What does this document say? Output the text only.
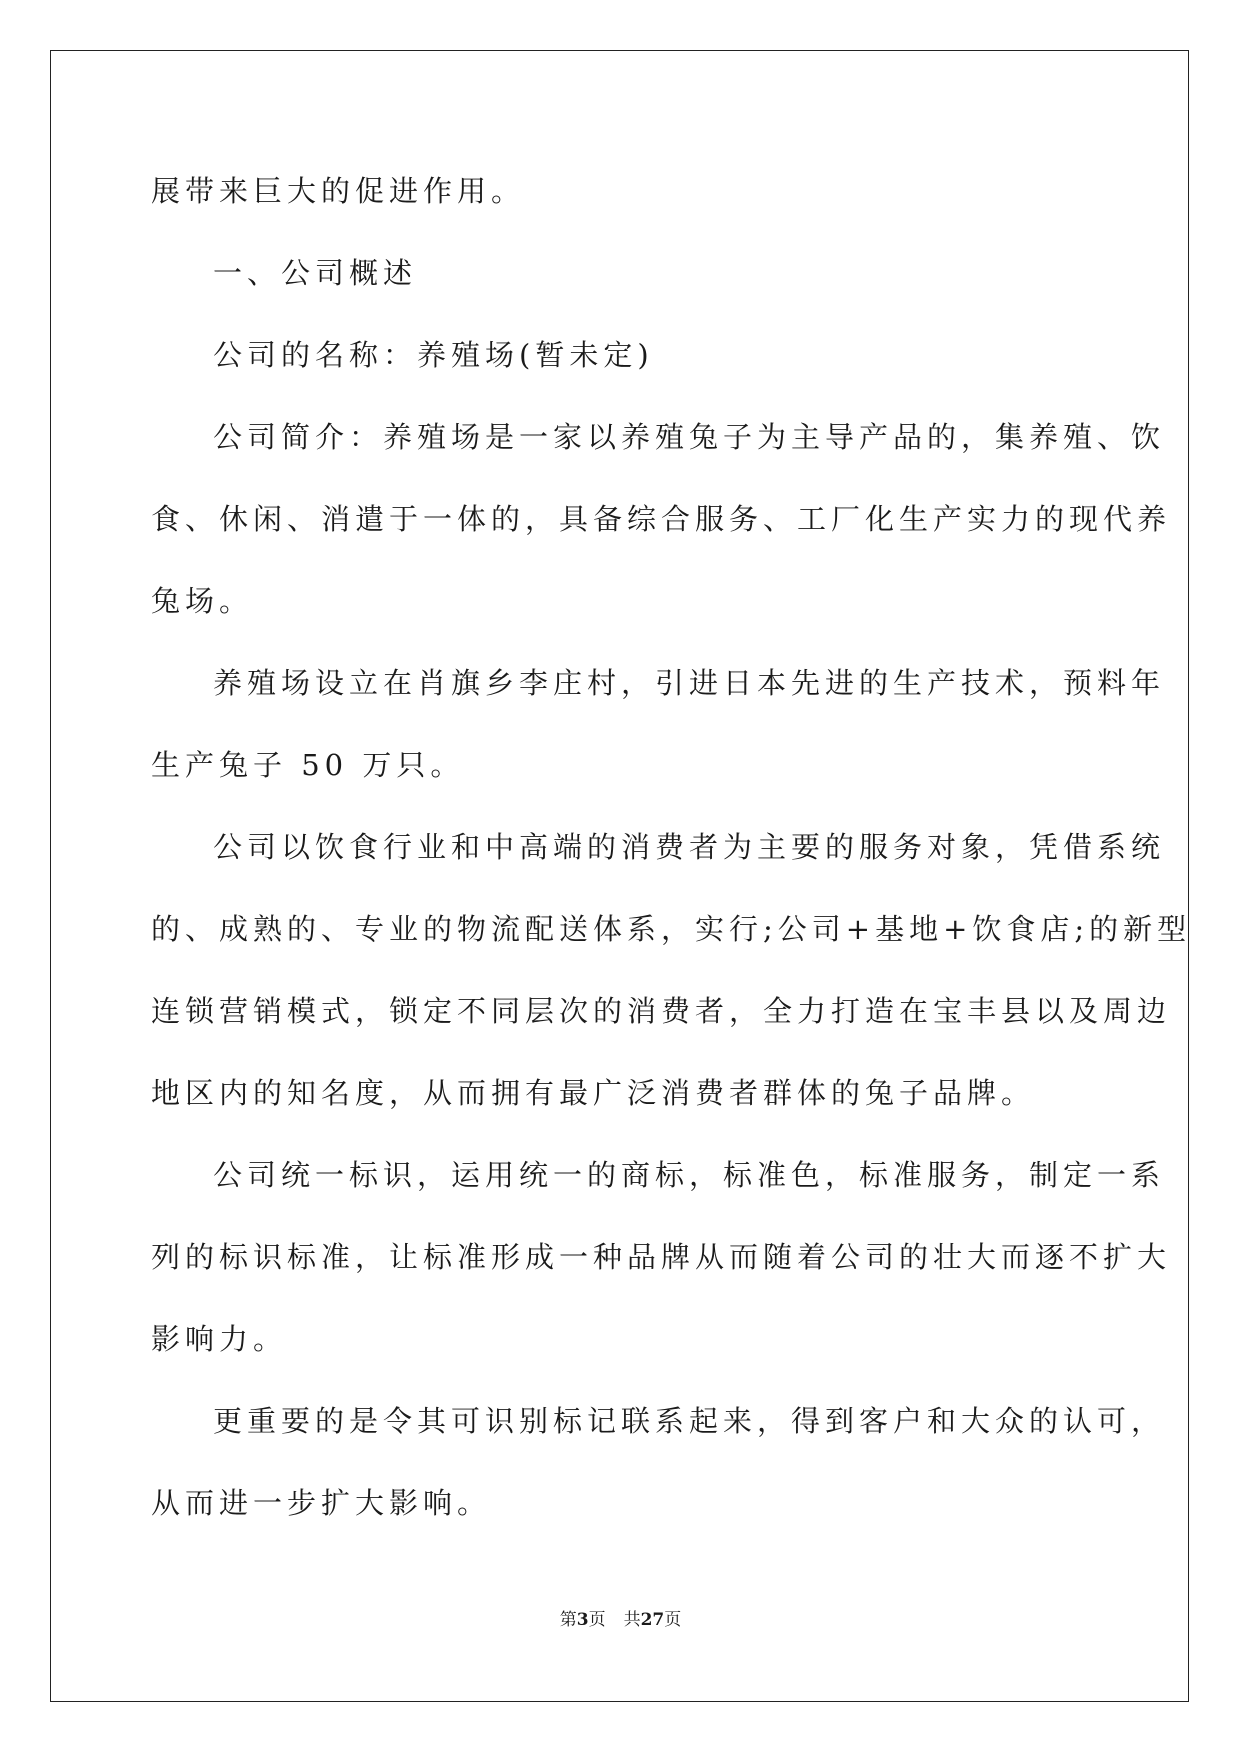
展带来巨大的促进作用。
一、公司概述
公司的名称：养殖场(暂未定)
公司简介：养殖场是一家以养殖兔子为主导产品的，集养殖、饮
食、休闲、消遣于一体的，具备综合服务、工厂化生产实力的现代养
兔场。
养殖场设立在肖旗乡李庄村，引进日本先进的生产技术，预料年
生产兔子 50 万只。
公司以饮食行业和中高端的消费者为主要的服务对象，凭借系统
的、成熟的、专业的物流配送体系，实行;公司+基地+饮食店;的新型
连锁营销模式，锁定不同层次的消费者，全力打造在宝丰县以及周边
地区内的知名度，从而拥有最广泛消费者群体的兔子品牌。
公司统一标识，运用统一的商标，标准色，标准服务，制定一系
列的标识标准，让标准形成一种品牌从而随着公司的壮大而逐不扩大
影响力。
更重要的是令其可识别标记联系起来，得到客户和大众的认可，
从而进一步扩大影响。
第3页 共27页
